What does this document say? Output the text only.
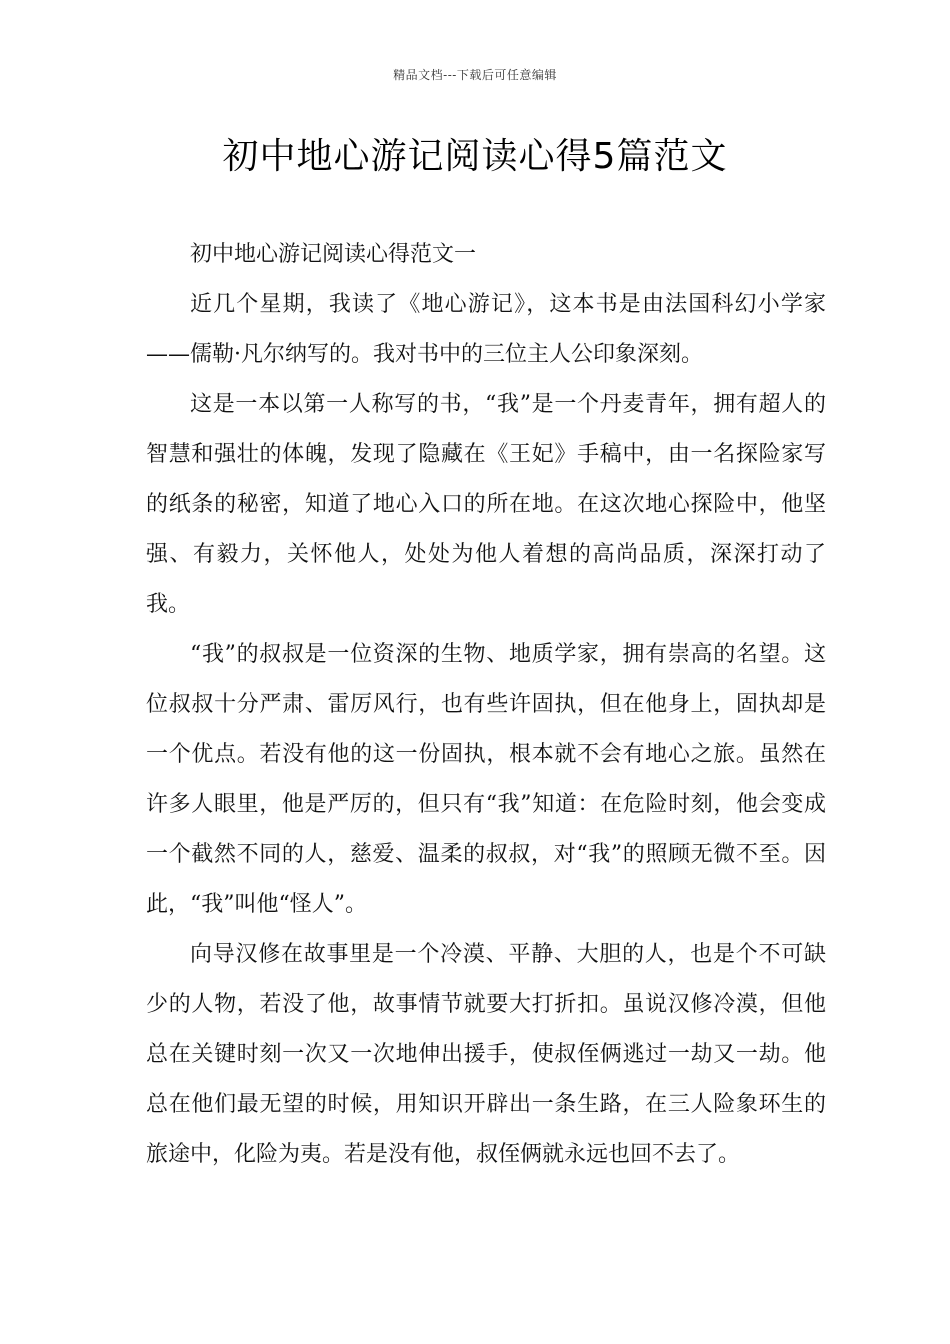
精品文档---下载后可任意编辑
初中地心游记阅读心得5篇范文

初中地心游记阅读心得范文一

近几个星期，我读了《地心游记》，这本书是由法国科幻小学家——儒勒·凡尔纳写的。我对书中的三位主人公印象深刻。

这是一本以第一人称写的书，“我”是一个丹麦青年，拥有超人的智慧和强壮的体魄，发现了隐藏在《王妃》手稿中，由一名探险家写的纸条的秘密，知道了地心入口的所在地。在这次地心探险中，他坚强、有毅力，关怀他人，处处为他人着想的高尚品质，深深打动了我。

“我”的叔叔是一位资深的生物、地质学家，拥有崇高的名望。这位叔叔十分严肃、雷厉风行，也有些许固执，但在他身上，固执却是一个优点。若没有他的这一份固执，根本就不会有地心之旅。虽然在许多人眼里，他是严厉的，但只有“我”知道：在危险时刻，他会变成一个截然不同的人，慈爱、温柔的叔叔，对“我”的照顾无微不至。因此，“我”叫他“怪人”。

向导汉修在故事里是一个冷漠、平静、大胆的人，也是个不可缺少的人物，若没了他，故事情节就要大打折扣。虽说汉修冷漠，但他总在关键时刻一次又一次地伸出援手，使叔侄俩逃过一劫又一劫。他总在他们最无望的时候，用知识开辟出一条生路，在三人险象环生的旅途中，化险为夷。若是没有他，叔侄俩就永远也回不去了。
